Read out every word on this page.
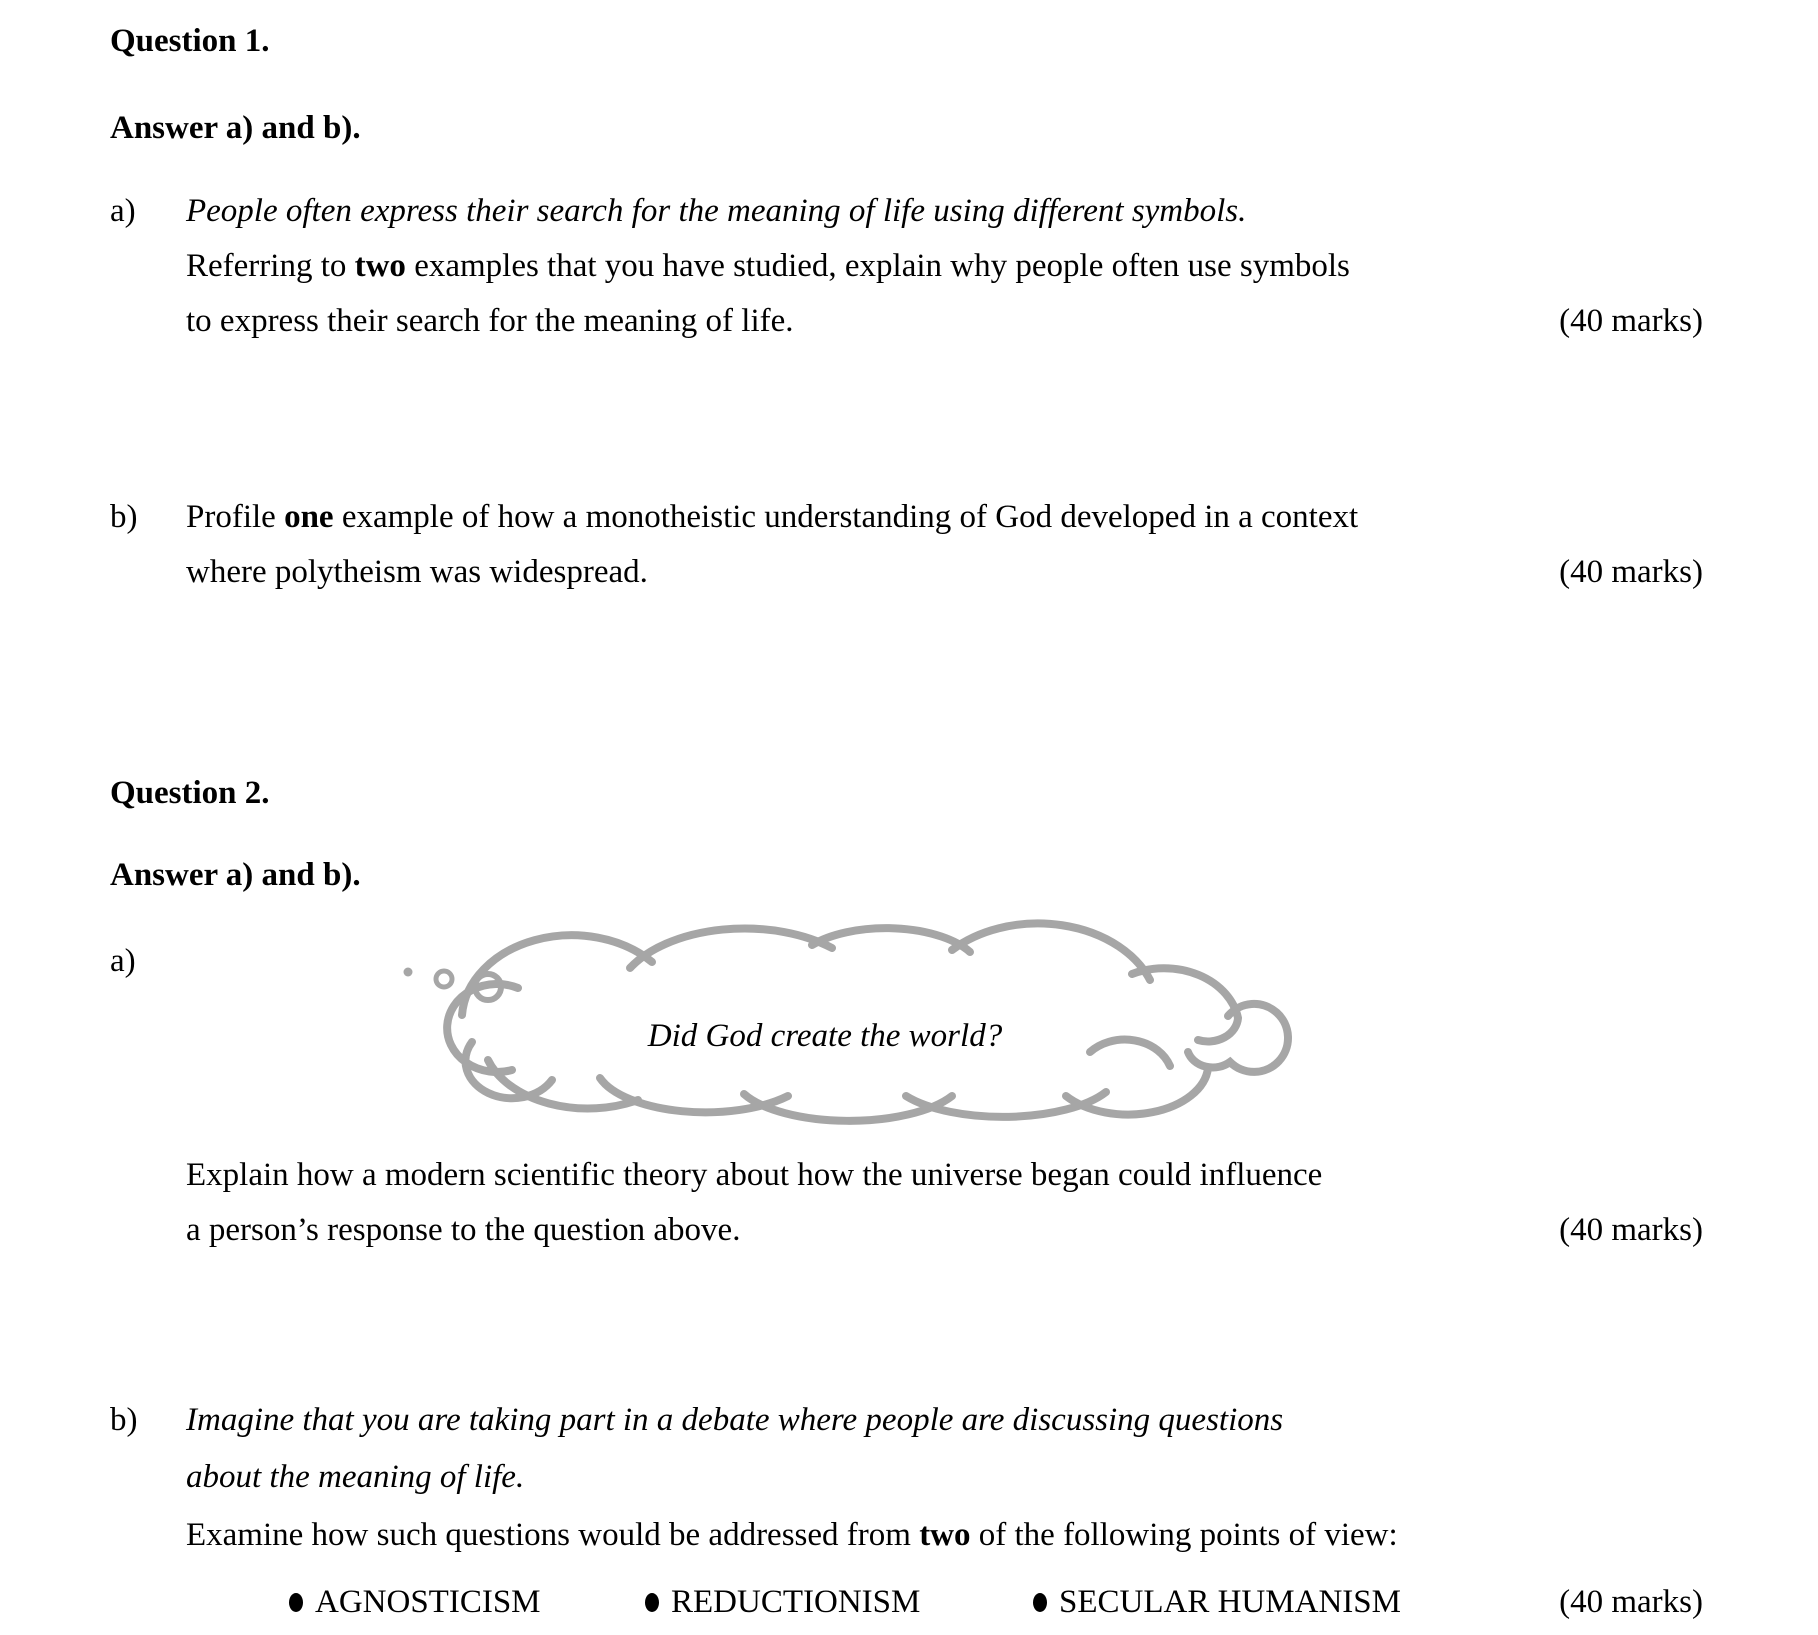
Question 1.
Answer a) and b).
a) People often express their search for the meaning of life using different symbols.
Referring to two examples that you have studied, explain why people often use symbols
to express their search for the meaning of life.	(40 marks)
b) Profile one example of how a monotheistic understanding of God developed in a context
where polytheism was widespread.	(40 marks)
Question 2.
Answer a) and b).
a)
Did God create the world?
Explain how a modern scientific theory about how the universe began could influence
a person’s response to the question above.	(40 marks)
b) Imagine that you are taking part in a debate where people are discussing questions
about the meaning of life.
Examine how such questions would be addressed from two of the following points of view:
AGNOSTICISM	REDUCTIONISM	SECULAR HUMANISM	(40 marks)
